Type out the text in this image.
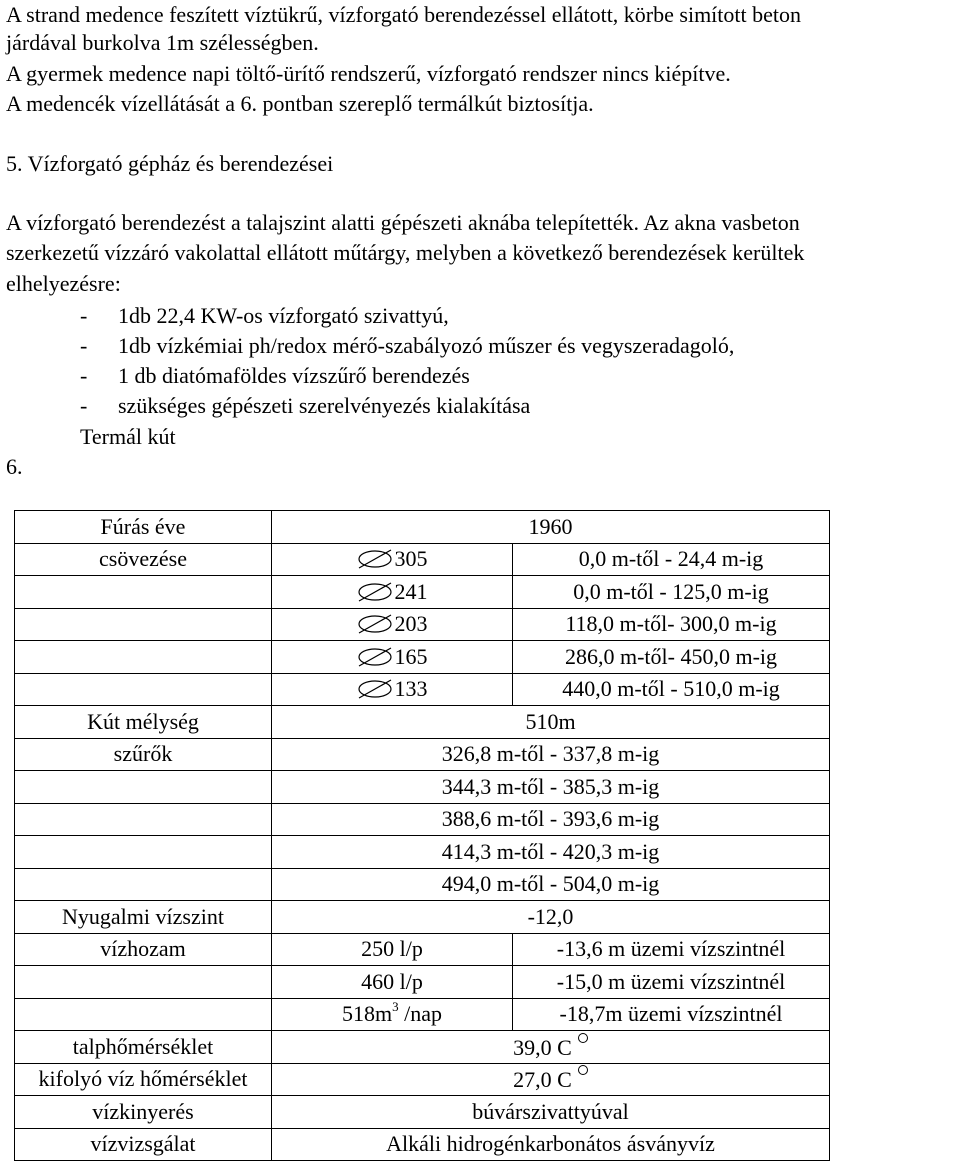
A strand medence feszített víztükrű, vízforgató berendezéssel ellátott, körbe simított beton
járdával burkolva 1m szélességben.
A gyermek medence napi töltő-ürítő rendszerű, vízforgató rendszer nincs kiépítve.
A medencék vízellátását a 6. pontban szereplő termálkút biztosítja.
5. Vízforgató gépház és berendezései
A vízforgató berendezést a talajszint alatti gépészeti aknába telepítették. Az akna vasbeton
szerkezetű vízzáró vakolattal ellátott műtárgy, melyben a következő berendezések kerültek
elhelyezésre:
- 1db 22,4 KW-os vízforgató szivattyú,
- 1db vízkémiai ph/redox mérő-szabályozó műszer és vegyszeradagoló,
- 1 db diatómaföldes vízszűrő berendezés
- szükséges gépészeti szerelvényezés kialakítása
Termál kút
6.
Fúrás éve	1960	
csövezése	305	0,0 m-től - 24,4 m-ig
	241	0,0 m-től - 125,0 m-ig
	203	118,0 m-től- 300,0 m-ig
	165	286,0 m-től- 450,0 m-ig
	133	440,0 m-től - 510,0 m-ig
Kút mélység	510m	
szűrők	326,8 m-től - 337,8 m-ig	
	344,3 m-től - 385,3 m-ig	
	388,6 m-től - 393,6 m-ig	
	414,3 m-től - 420,3 m-ig	
	494,0 m-től - 504,0 m-ig	
Nyugalmi vízszint	-12,0	
vízhozam	250 l/p	-13,6 m üzemi vízszintnél
	460 l/p	-15,0 m üzemi vízszintnél
	$518m^3$ /nap	-18,7m üzemi vízszintnél
talphőmérséklet	39,0 C	
kifolyó víz hőmérséklet	27,0 C	
vízkinyerés	búvárszivattyúval	
vízvizsgálat	Alkáli hidrogénkarbonátos ásványvíz	
